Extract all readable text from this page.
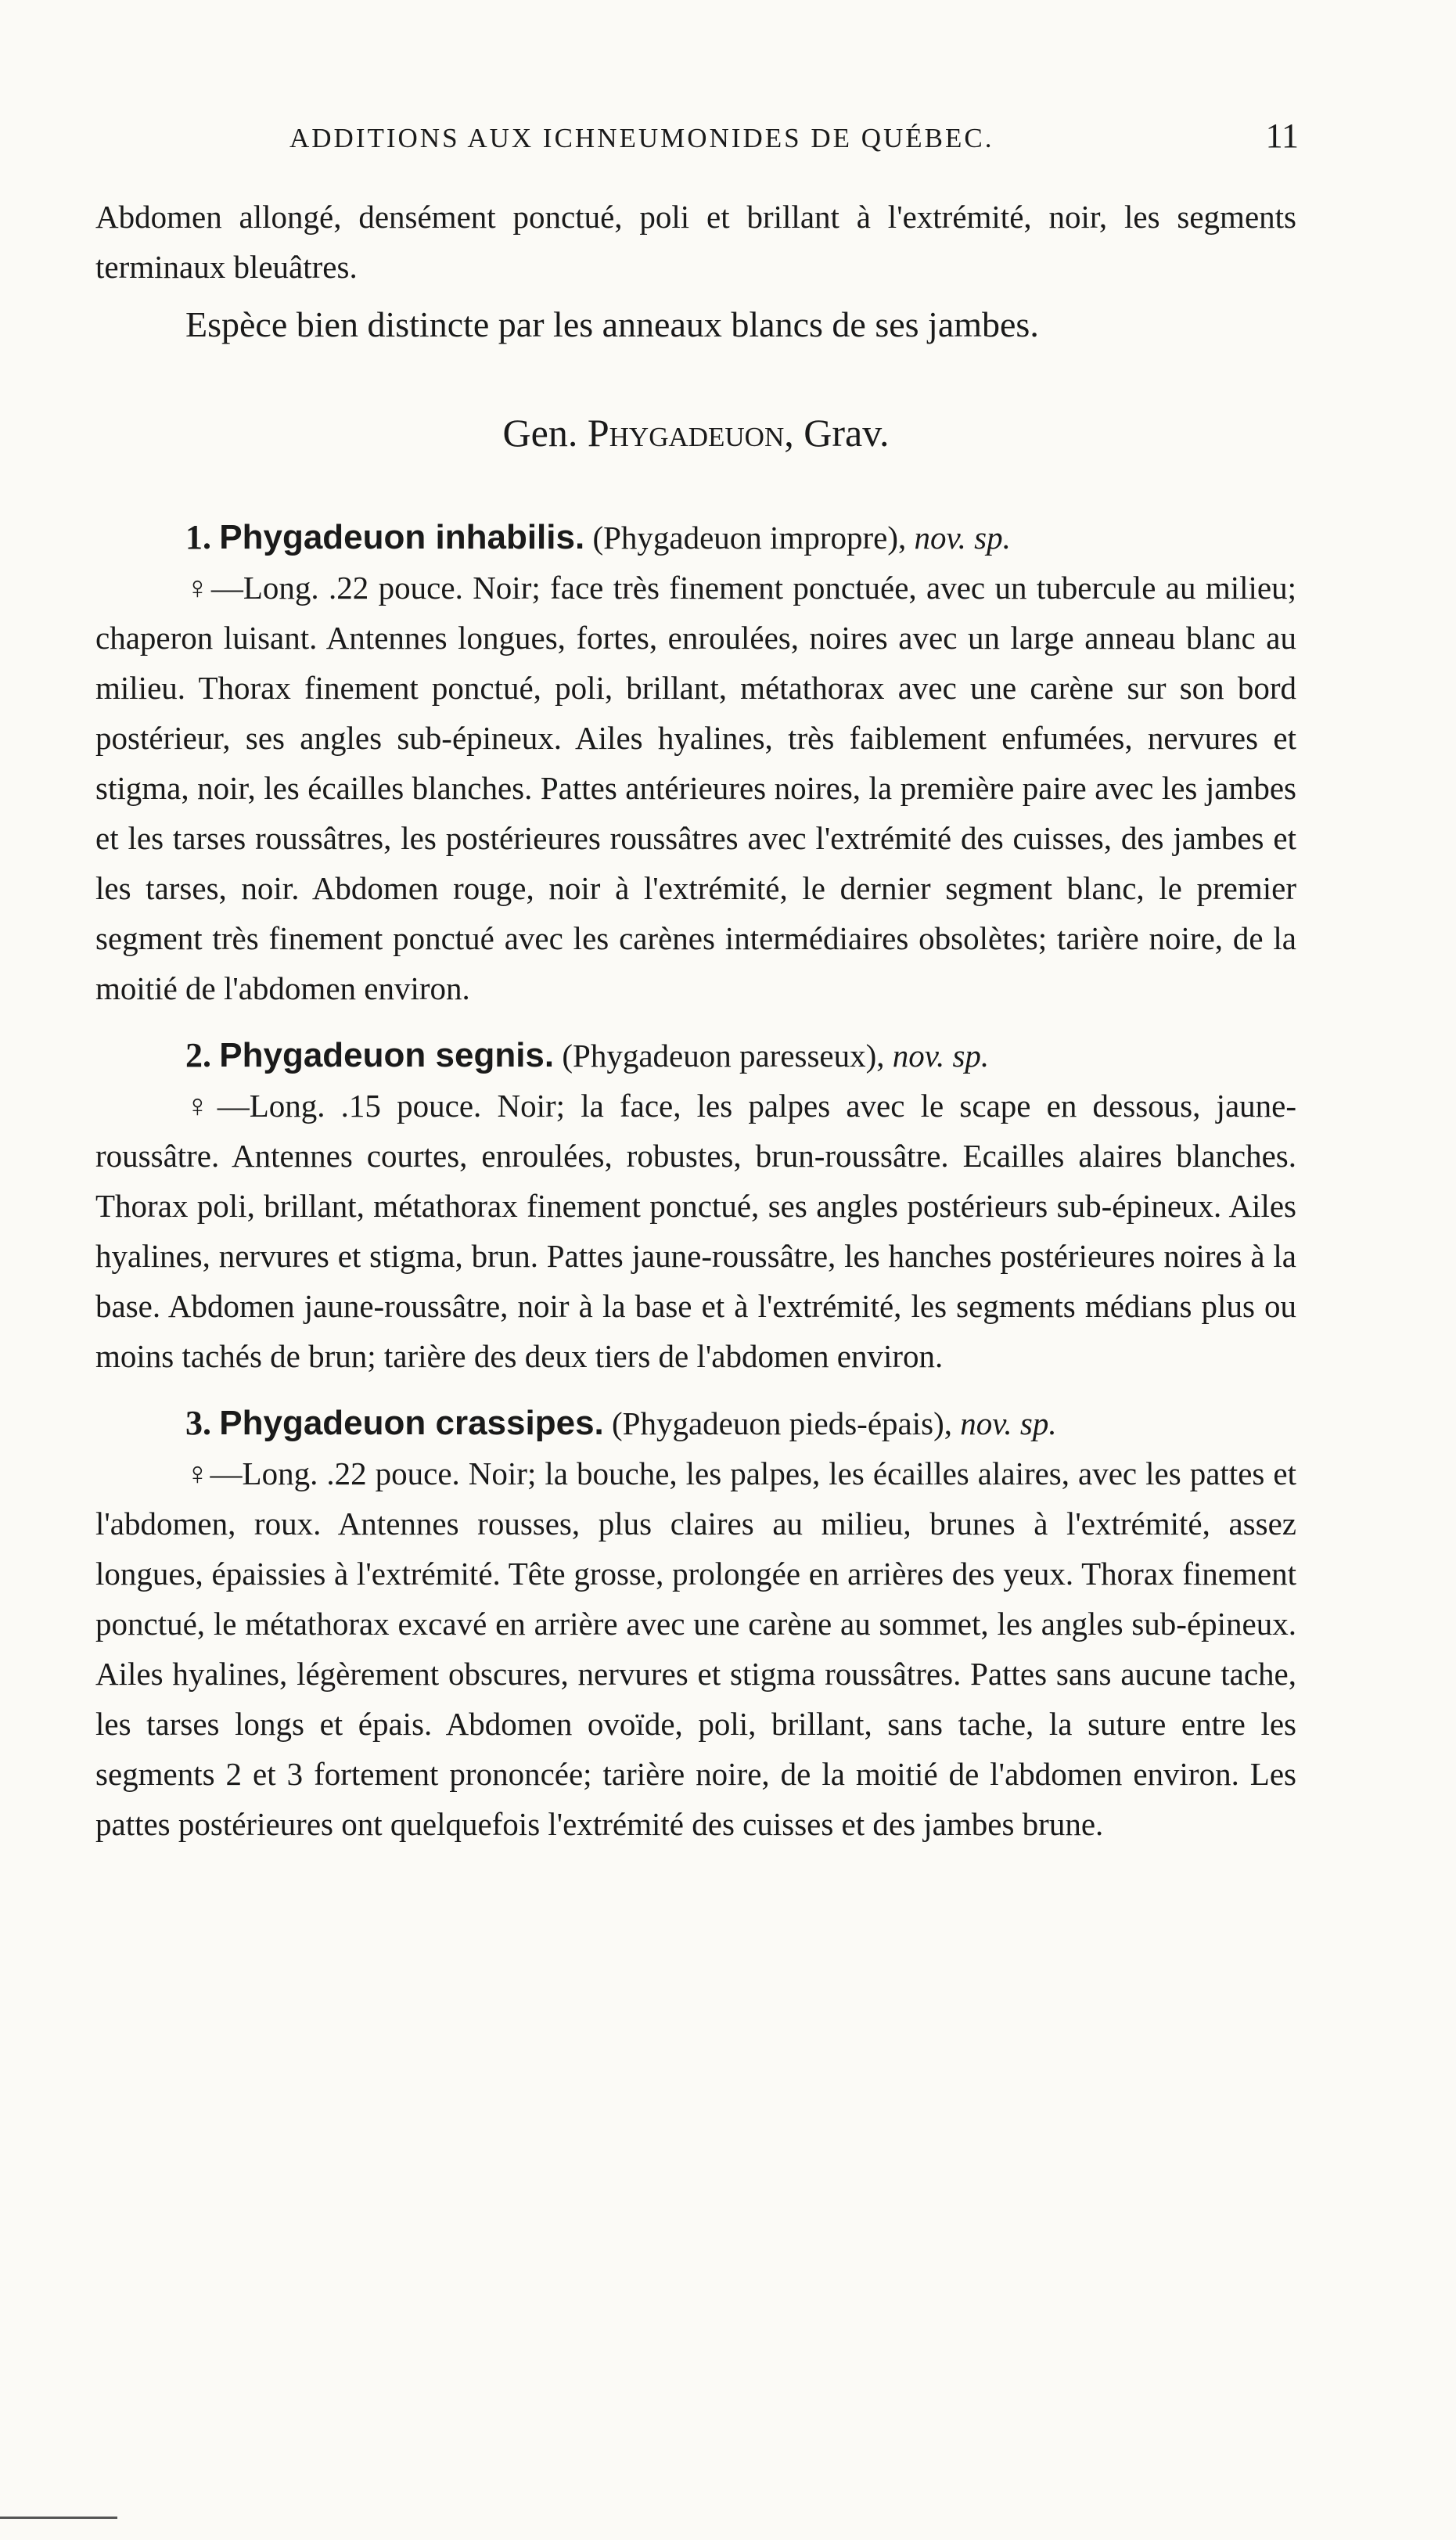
ADDITIONS AUX ICHNEUMONIDES DE QUÉBEC.	11

Abdomen allongé, densément ponctué, poli et brillant à l'extrémité, noir, les segments terminaux bleuâtres.

Espèce bien distincte par les anneaux blancs de ses jambes.

Gen. Phygadeuon, Grav.

1. Phygadeuon inhabilis. (Phygadeuon impropre), nov. sp.

♀—Long. .22 pouce. Noir; face très finement ponctuée, avec un tubercule au milieu; chaperon luisant. Antennes longues, fortes, enroulées, noires avec un large anneau blanc au milieu. Thorax finement ponctué, poli, brillant, métathorax avec une carène sur son bord postérieur, ses angles sub-épineux. Ailes hyalines, très faiblement enfumées, nervures et stigma, noir, les écailles blanches. Pattes antérieures noires, la première paire avec les jambes et les tarses roussâtres, les postérieures roussâtres avec l'extrémité des cuisses, des jambes et les tarses, noir. Abdomen rouge, noir à l'extrémité, le dernier segment blanc, le premier segment très finement ponctué avec les carènes intermédiaires obsolètes; tarière noire, de la moitié de l'abdomen environ.

2. Phygadeuon segnis. (Phygadeuon paresseux), nov. sp.

♀—Long. .15 pouce. Noir; la face, les palpes avec le scape en dessous, jaune-roussâtre. Antennes courtes, enroulées, robustes, brun-roussâtre. Ecailles alaires blanches. Thorax poli, brillant, métathorax finement ponctué, ses angles postérieurs sub-épineux. Ailes hyalines, nervures et stigma, brun. Pattes jaune-roussâtre, les hanches postérieures noires à la base. Abdomen jaune-roussâtre, noir à la base et à l'extrémité, les segments médians plus ou moins tachés de brun; tarière des deux tiers de l'abdomen environ.

3. Phygadeuon crassipes. (Phygadeuon pieds-épais), nov. sp.

♀—Long. .22 pouce. Noir; la bouche, les palpes, les écailles alaires, avec les pattes et l'abdomen, roux. Antennes rousses, plus claires au milieu, brunes à l'extrémité, assez longues, épaissies à l'extrémité. Tête grosse, prolongée en arrières des yeux. Thorax finement ponctué, le métathorax excavé en arrière avec une carène au sommet, les angles sub-épineux. Ailes hyalines, légèrement obscures, nervures et stigma roussâtres. Pattes sans aucune tache, les tarses longs et épais. Abdomen ovoïde, poli, brillant, sans tache, la suture entre les segments 2 et 3 fortement prononcée; tarière noire, de la moitié de l'abdomen environ. Les pattes postérieures ont quelquefois l'extrémité des cuisses et des jambes brune.
